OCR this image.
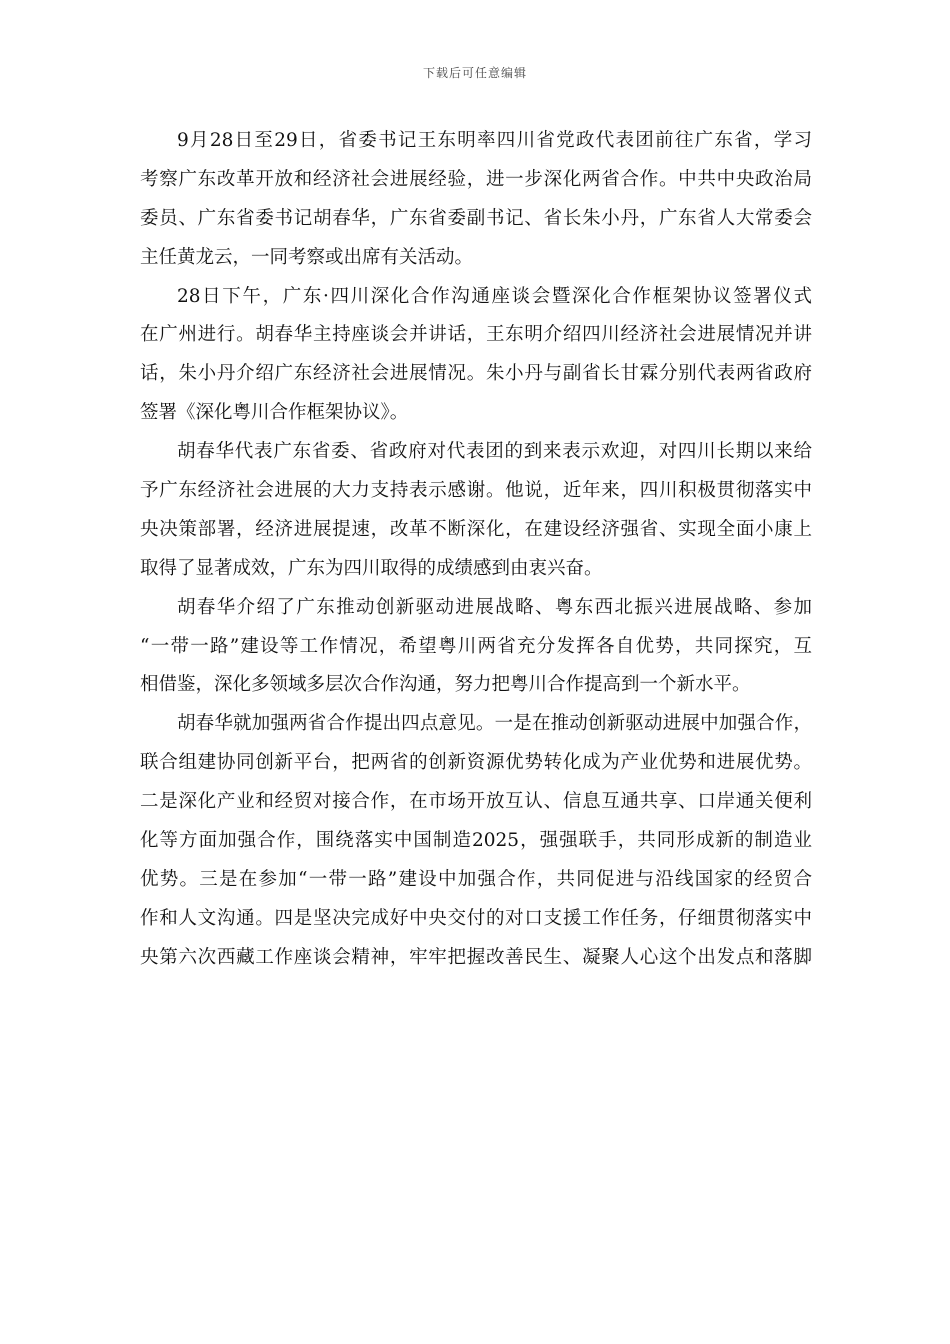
下载后可任意编辑
9月28日至29日，省委书记王东明率四川省党政代表团前往广东省，学习
考察广东改革开放和经济社会进展经验，进一步深化两省合作。中共中央政治局
委员、广东省委书记胡春华，广东省委副书记、省长朱小丹，广东省人大常委会
主任黄龙云，一同考察或出席有关活动。
28日下午，广东·四川深化合作沟通座谈会暨深化合作框架协议签署仪式
在广州进行。胡春华主持座谈会并讲话，王东明介绍四川经济社会进展情况并讲
话，朱小丹介绍广东经济社会进展情况。朱小丹与副省长甘霖分别代表两省政府
签署《深化粤川合作框架协议》。
胡春华代表广东省委、省政府对代表团的到来表示欢迎，对四川长期以来给
予广东经济社会进展的大力支持表示感谢。他说，近年来，四川积极贯彻落实中
央决策部署，经济进展提速，改革不断深化，在建设经济强省、实现全面小康上
取得了显著成效，广东为四川取得的成绩感到由衷兴奋。
胡春华介绍了广东推动创新驱动进展战略、粤东西北振兴进展战略、参加
“一带一路”建设等工作情况，希望粤川两省充分发挥各自优势，共同探究，互
相借鉴，深化多领域多层次合作沟通，努力把粤川合作提高到一个新水平。
胡春华就加强两省合作提出四点意见。一是在推动创新驱动进展中加强合作，
联合组建协同创新平台，把两省的创新资源优势转化成为产业优势和进展优势。
二是深化产业和经贸对接合作，在市场开放互认、信息互通共享、口岸通关便利
化等方面加强合作，围绕落实中国制造2025，强强联手，共同形成新的制造业
优势。三是在参加“一带一路”建设中加强合作，共同促进与沿线国家的经贸合
作和人文沟通。四是坚决完成好中央交付的对口支援工作任务，仔细贯彻落实中
央第六次西藏工作座谈会精神，牢牢把握改善民生、凝聚人心这个出发点和落脚
